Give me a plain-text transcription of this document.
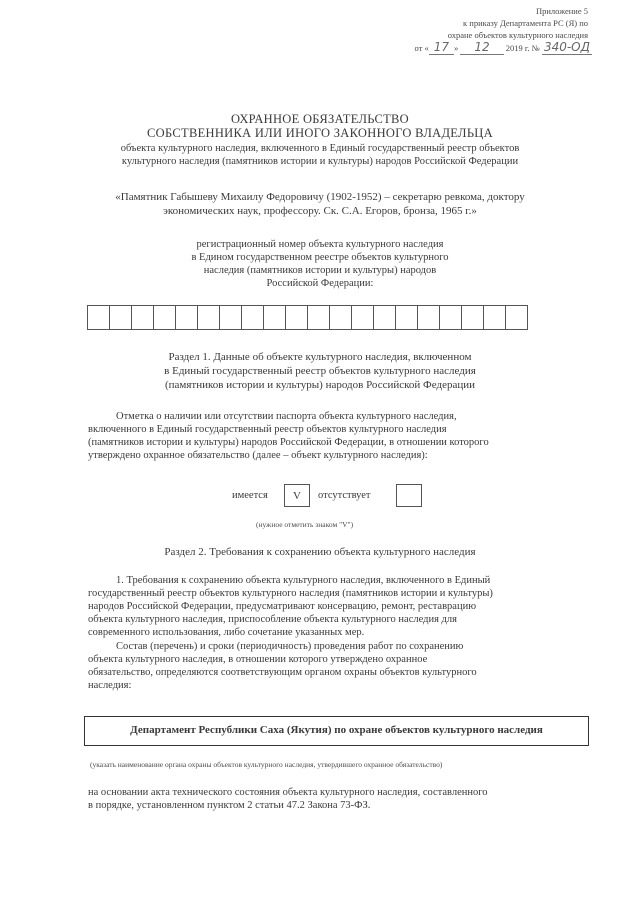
Приложение 5
к приказу Департамента РС (Я) по
охране объектов культурного наследия
от « 17 » 12 2019 г. № 340-ОД
ОХРАННОЕ ОБЯЗАТЕЛЬСТВО
СОБСТВЕННИКА ИЛИ ИНОГО ЗАКОННОГО ВЛАДЕЛЬЦА
объекта культурного наследия, включенного в Единый государственный реестр объектов
культурного наследия (памятников истории и культуры) народов Российской Федерации
«Памятник Габышеву Михаилу Федоровичу (1902-1952) – секретарю ревкома, доктору
экономических наук, профессору. Ск. С.А. Егоров, бронза, 1965 г.»
регистрационный номер объекта культурного наследия
в Едином государственном реестре объектов культурного
наследия (памятников истории и культуры) народов
Российской Федерации:
Раздел 1. Данные об объекте культурного наследия, включенном
в Единый государственный реестр объектов культурного наследия
(памятников истории и культуры) народов Российской Федерации
Отметка о наличии или отсутствии паспорта объекта культурного наследия,
включенного в Единый государственный реестр объектов культурного наследия
(памятников истории и культуры) народов Российской Федерации, в отношении которого
утверждено охранное обязательство (далее – объект культурного наследия):
имеется	V	отсутствует
(нужное отметить знаком "V")
Раздел 2. Требования к сохранению объекта культурного наследия
1. Требования к сохранению объекта культурного наследия, включенного в Единый
государственный реестр объектов культурного наследия (памятников истории и культуры)
народов Российской Федерации, предусматривают консервацию, ремонт, реставрацию
объекта культурного наследия, приспособление объекта культурного наследия для
современного использования, либо сочетание указанных мер.
Состав (перечень) и сроки (периодичность) проведения работ по сохранению
объекта культурного наследия, в отношении которого утверждено охранное
обязательство, определяются соответствующим органом охраны объектов культурного
наследия:
Департамент Республики Саха (Якутия) по охране объектов культурного наследия
(указать наименование органа охраны объектов культурного наследия, утвердившего охранное обязательство)
на основании акта технического состояния объекта культурного наследия, составленного
в порядке, установленном пунктом 2 статьи 47.2 Закона 73-ФЗ.
